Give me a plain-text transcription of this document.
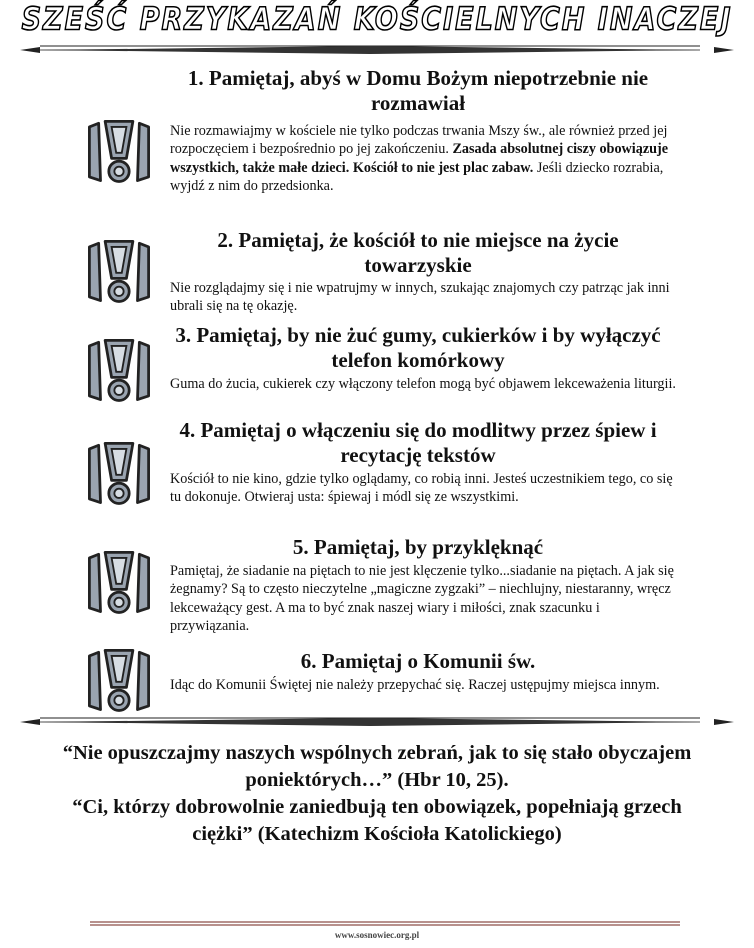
SZEŚĆ PRZYKAZAŃ KOŚCIELNYCH INACZEJ
1. Pamiętaj, abyś w Domu Bożym niepotrzebnie nie rozmawiał

Nie rozmawiajmy w kościele nie tylko podczas trwania Mszy św., ale również przed jej rozpoczęciem i bezpośrednio po jej zakończeniu. Zasada absolutnej ciszy obowiązuje wszystkich, także małe dzieci. Kościół to nie jest plac zabaw. Jeśli dziecko rozrabia, wyjdź z nim do przedsionka.

2. Pamiętaj, że kościół to nie miejsce na życie towarzyskie

Nie rozglądajmy się i nie wpatrujmy w innych, szukając znajomych czy patrząc jak inni ubrali się na tę okazję.

3. Pamiętaj, by nie żuć gumy, cukierków i by wyłączyć telefon komórkowy

Guma do żucia, cukierek czy włączony telefon mogą być objawem lekceważenia liturgii.

4. Pamiętaj o włączeniu się do modlitwy przez śpiew i recytację tekstów

Kościół to nie kino, gdzie tylko oglądamy, co robią inni. Jesteś uczestnikiem tego, co się tu dokonuje. Otwieraj usta: śpiewaj i módl się ze wszystkimi.

5. Pamiętaj, by przyklęknąć

Pamiętaj, że siadanie na piętach to nie jest klęczenie tylko...siadanie na piętach. A jak się żegnamy? Są to często nieczytelne „magiczne zygzaki” – niechlujny, niestaranny, wręcz lekceważący gest. A ma to być znak naszej wiary i miłości, znak szacunku i przywiązania.

6. Pamiętaj o Komunii św.

Idąc do Komunii Świętej nie należy przepychać się. Raczej ustępujmy miejsca innym.

“Nie opuszczajmy naszych wspólnych zebrań, jak to się stało obyczajem poniektórych…” (Hbr 10, 25).
“Ci, którzy dobrowolnie zaniedbują ten obowiązek, popełniają grzech ciężki” (Katechizm Kościoła Katolickiego)
www.sosnowiec.org.pl
